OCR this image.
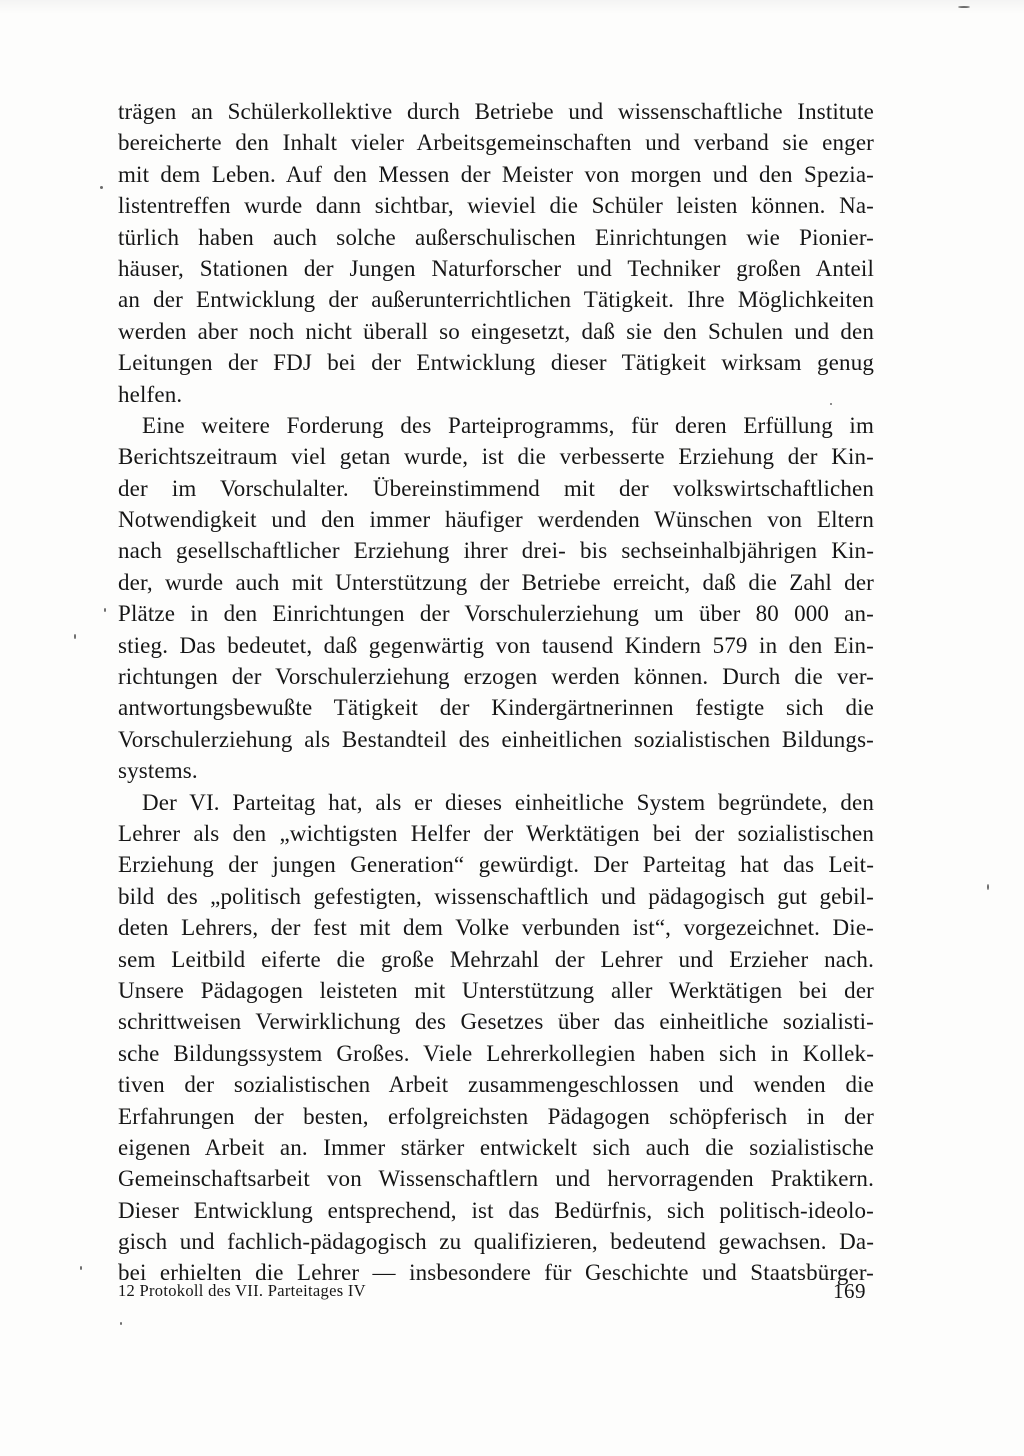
trägen an Schülerkollektive durch Betriebe und wissenschaftliche Institute
bereicherte den Inhalt vieler Arbeitsgemeinschaften und verband sie enger
mit dem Leben. Auf den Messen der Meister von morgen und den Spezia-
listentreffen wurde dann sichtbar, wieviel die Schüler leisten können. Na-
türlich haben auch solche außerschulischen Einrichtungen wie Pionier-
häuser, Stationen der Jungen Naturforscher und Techniker großen Anteil
an der Entwicklung der außerunterrichtlichen Tätigkeit. Ihre Möglichkeiten
werden aber noch nicht überall so eingesetzt, daß sie den Schulen und den
Leitungen der FDJ bei der Entwicklung dieser Tätigkeit wirksam genug
helfen.
Eine weitere Forderung des Parteiprogramms, für deren Erfüllung im
Berichtszeitraum viel getan wurde, ist die verbesserte Erziehung der Kin-
der im Vorschulalter. Übereinstimmend mit der volkswirtschaftlichen
Notwendigkeit und den immer häufiger werdenden Wünschen von Eltern
nach gesellschaftlicher Erziehung ihrer drei- bis sechseinhalbjährigen Kin-
der, wurde auch mit Unterstützung der Betriebe erreicht, daß die Zahl der
Plätze in den Einrichtungen der Vorschulerziehung um über 80 000 an-
stieg. Das bedeutet, daß gegenwärtig von tausend Kindern 579 in den Ein-
richtungen der Vorschulerziehung erzogen werden können. Durch die ver-
antwortungsbewußte Tätigkeit der Kindergärtnerinnen festigte sich die
Vorschulerziehung als Bestandteil des einheitlichen sozialistischen Bildungs-
systems.
Der VI. Parteitag hat, als er dieses einheitliche System begründete, den
Lehrer als den „wichtigsten Helfer der Werktätigen bei der sozialistischen
Erziehung der jungen Generation“ gewürdigt. Der Parteitag hat das Leit-
bild des „politisch gefestigten, wissenschaftlich und pädagogisch gut gebil-
deten Lehrers, der fest mit dem Volke verbunden ist“, vorgezeichnet. Die-
sem Leitbild eiferte die große Mehrzahl der Lehrer und Erzieher nach.
Unsere Pädagogen leisteten mit Unterstützung aller Werktätigen bei der
schrittweisen Verwirklichung des Gesetzes über das einheitliche sozialisti-
sche Bildungssystem Großes. Viele Lehrerkollegien haben sich in Kollek-
tiven der sozialistischen Arbeit zusammengeschlossen und wenden die
Erfahrungen der besten, erfolgreichsten Pädagogen schöpferisch in der
eigenen Arbeit an. Immer stärker entwickelt sich auch die sozialistische
Gemeinschaftsarbeit von Wissenschaftlern und hervorragenden Praktikern.
Dieser Entwicklung entsprechend, ist das Bedürfnis, sich politisch-ideolo-
gisch und fachlich-pädagogisch zu qualifizieren, bedeutend gewachsen. Da-
bei erhielten die Lehrer — insbesondere für Geschichte und Staatsbürger-
12 Protokoll des VII. Parteitages IV	169
